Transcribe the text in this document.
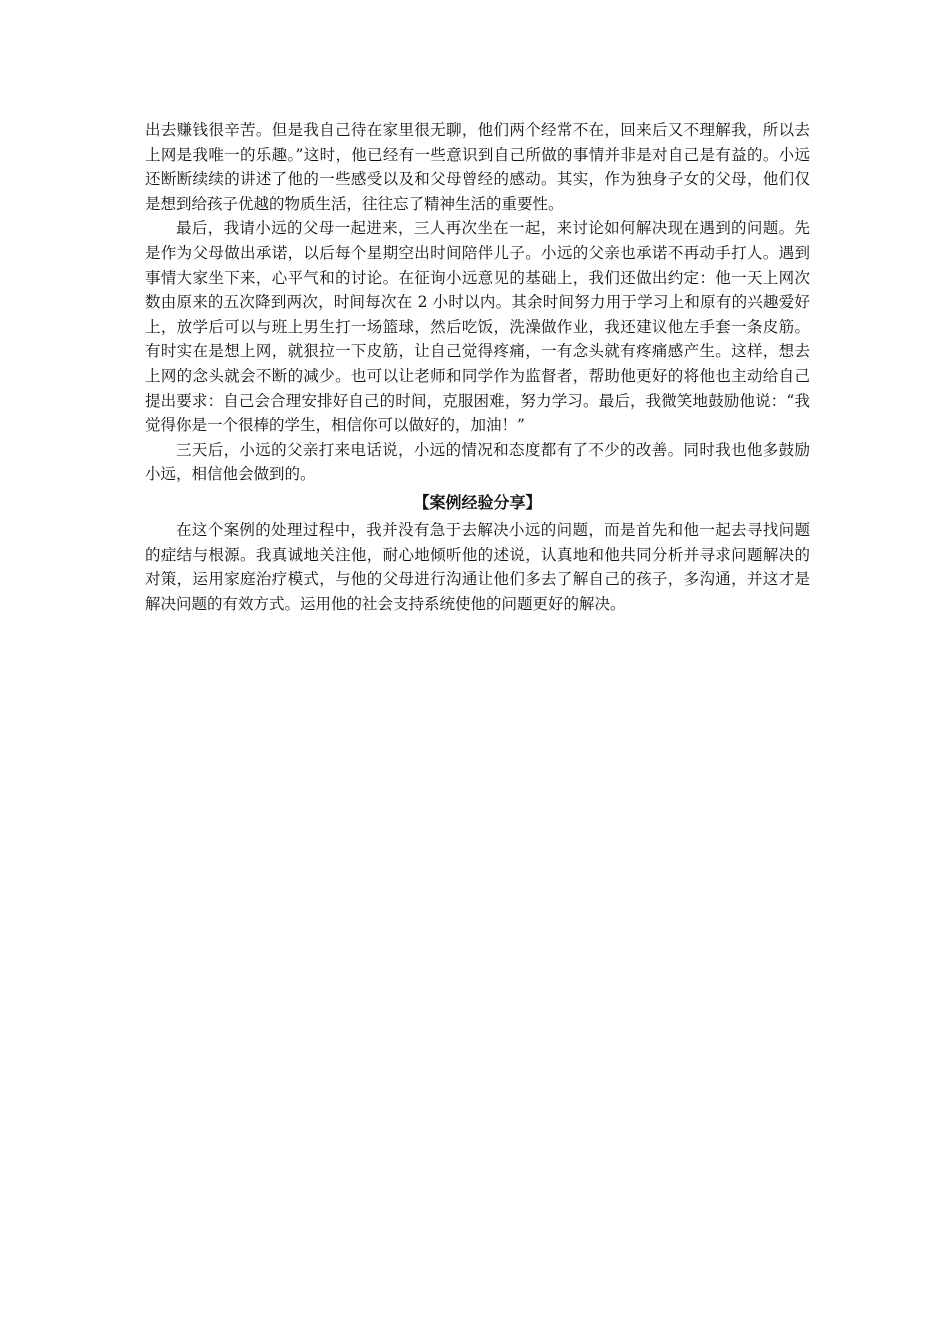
出去赚钱很辛苦。但是我自己待在家里很无聊，他们两个经常不在，回来后又不理解我，所以去上网是我唯一的乐趣。”这时，他已经有一些意识到自己所做的事情并非是对自己是有益的。小远还断断续续的讲述了他的一些感受以及和父母曾经的感动。其实，作为独身子女的父母，他们仅是想到给孩子优越的物质生活，往往忘了精神生活的重要性。

最后，我请小远的父母一起进来，三人再次坐在一起，来讨论如何解决现在遇到的问题。先是作为父母做出承诺，以后每个星期空出时间陪伴儿子。小远的父亲也承诺不再动手打人。遇到事情大家坐下来，心平气和的讨论。在征询小远意见的基础上，我们还做出约定：他一天上网次数由原来的五次降到两次，时间每次在 2 小时以内。其余时间努力用于学习上和原有的兴趣爱好上，放学后可以与班上男生打一场篮球，然后吃饭，洗澡做作业，我还建议他左手套一条皮筋。有时实在是想上网，就狠拉一下皮筋，让自己觉得疼痛，一有念头就有疼痛感产生。这样，想去上网的念头就会不断的减少。也可以让老师和同学作为监督者，帮助他更好的将他也主动给自己提出要求：自己会合理安排好自己的时间，克服困难，努力学习。最后，我微笑地鼓励他说：“我觉得你是一个很棒的学生，相信你可以做好的，加油！”

三天后，小远的父亲打来电话说，小远的情况和态度都有了不少的改善。同时我也他多鼓励小远，相信他会做到的。

【案例经验分享】

在这个案例的处理过程中，我并没有急于去解决小远的问题，而是首先和他一起去寻找问题的症结与根源。我真诚地关注他，耐心地倾听他的述说，认真地和他共同分析并寻求问题解决的对策，运用家庭治疗模式，与他的父母进行沟通让他们多去了解自己的孩子，多沟通，并这才是解决问题的有效方式。运用他的社会支持系统使他的问题更好的解决。
